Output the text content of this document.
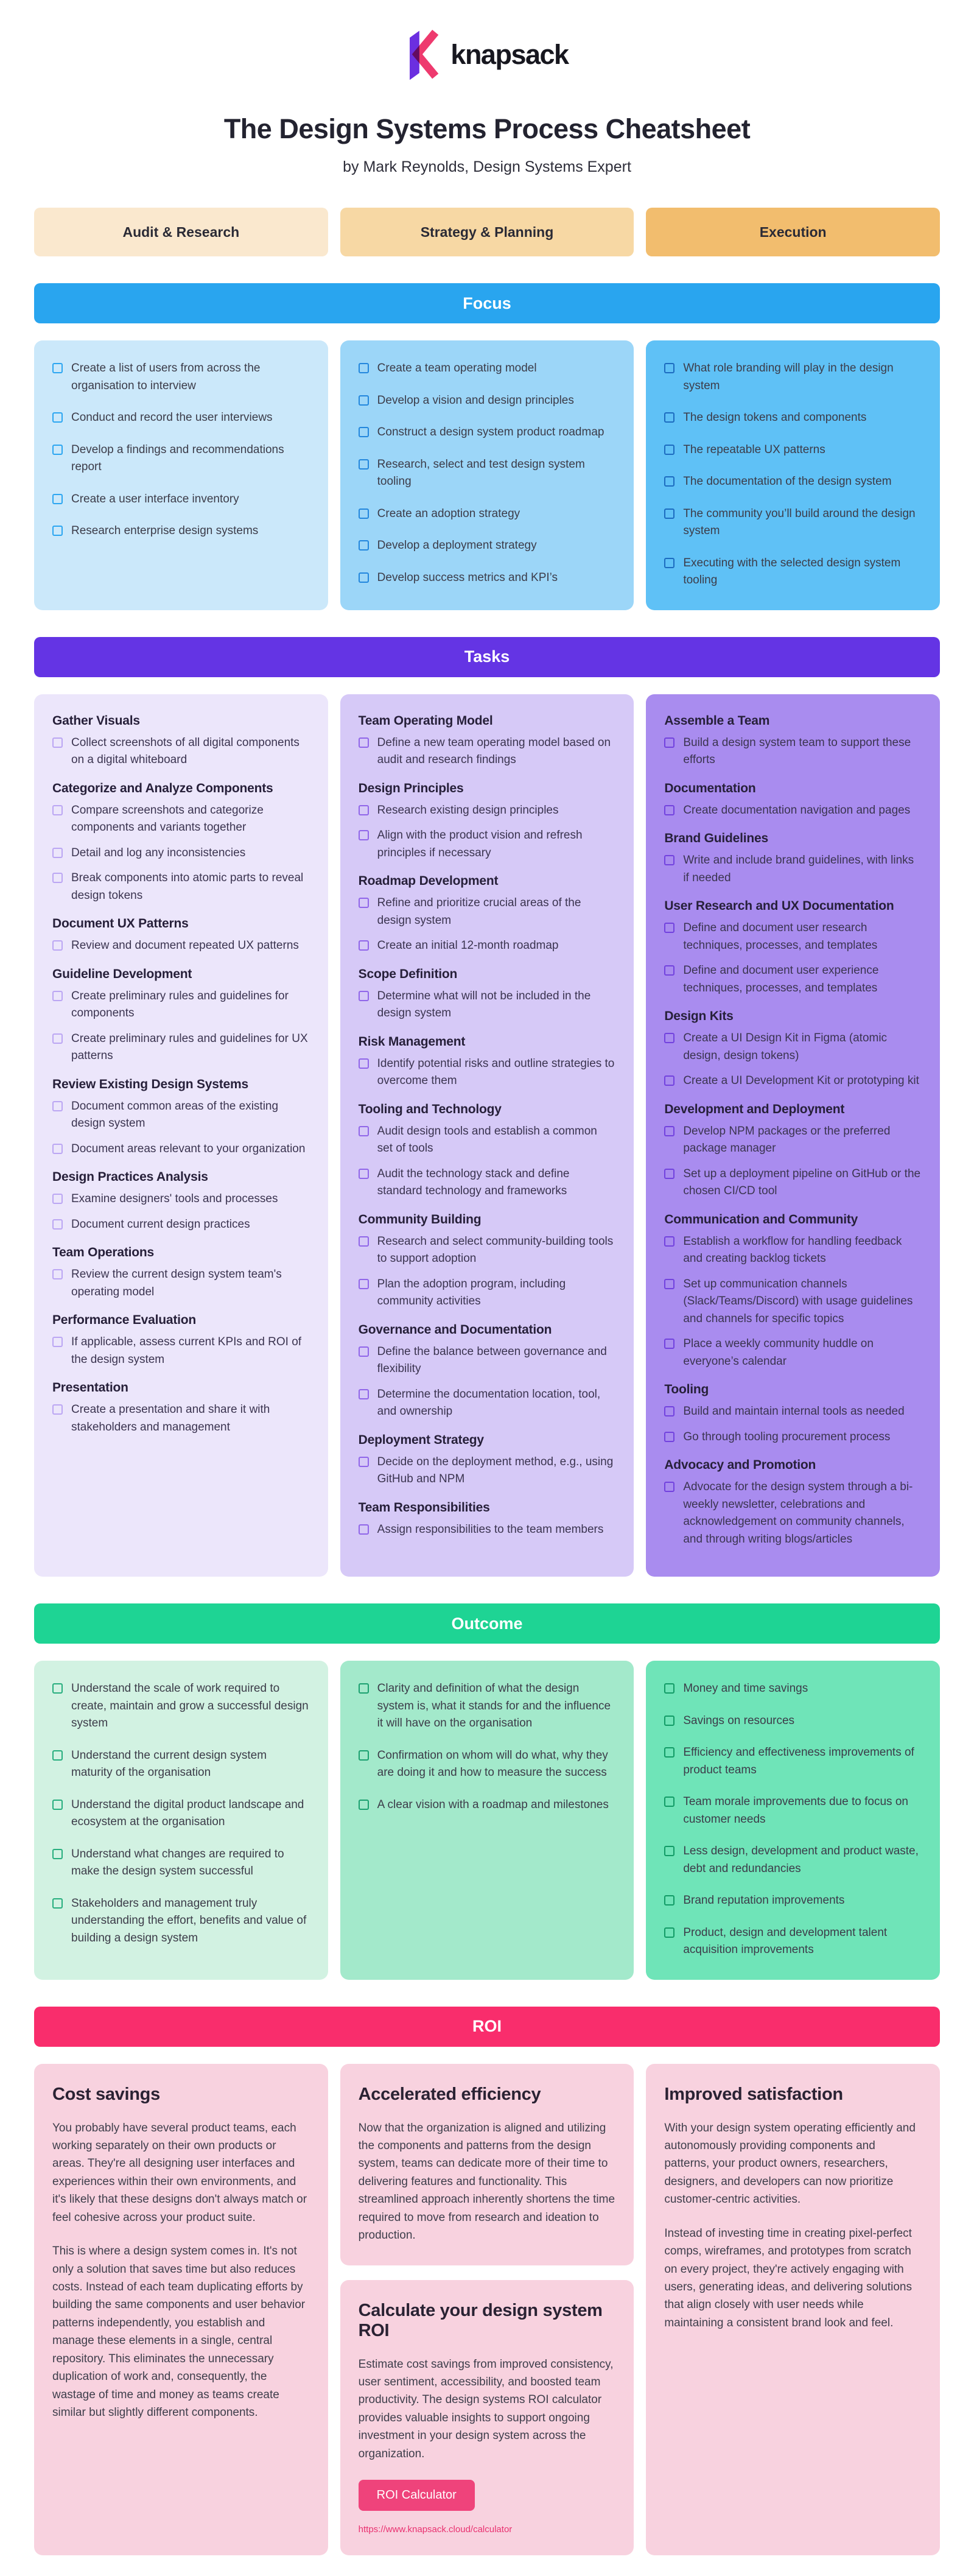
knapsack
The Design Systems Process Cheatsheet
by Mark Reynolds, Design Systems Expert
Audit & Research	Strategy & Planning	Execution
Focus
Create a list of users from across the organisation to interview
Conduct and record the user interviews
Develop a findings and recommendations report
Create a user interface inventory
Research enterprise design systems
Create a team operating model
Develop a vision and design principles
Construct a design system product roadmap
Research, select and test design system tooling
Create an adoption strategy
Develop a deployment strategy
Develop success metrics and KPI’s
What role branding will play in the design system
The design tokens and components
The repeatable UX patterns
The documentation of the design system
The community you’ll build around the design system
Executing with the selected design system tooling
Tasks
Gather Visuals
Collect screenshots of all digital components on a digital whiteboard
Categorize and Analyze Components
Compare screenshots and categorize components and variants together
Detail and log any inconsistencies
Break components into atomic parts to reveal design tokens
Document UX Patterns
Review and document repeated UX patterns
Guideline Development
Create preliminary rules and guidelines for components
Create preliminary rules and guidelines for UX patterns
Review Existing Design Systems
Document common areas of the existing design system
Document areas relevant to your organization
Design Practices Analysis
Examine designers' tools and processes
Document current design practices
Team Operations
Review the current design system team's operating model
Performance Evaluation
If applicable, assess current KPIs and ROI of the design system
Presentation
Create a presentation and share it with stakeholders and management
Team Operating Model
Define a new team operating model based on audit and research findings
Design Principles
Research existing design principles
Align with the product vision and refresh principles if necessary
Roadmap Development
Refine and prioritize crucial areas of the design system
Create an initial 12-month roadmap
Scope Definition
Determine what will not be included in the design system
Risk Management
Identify potential risks and outline strategies to overcome them
Tooling and Technology
Audit design tools and establish a common set of tools
Audit the technology stack and define standard technology and frameworks
Community Building
Research and select community-building tools to support adoption
Plan the adoption program, including community activities
Governance and Documentation
Define the balance between governance and flexibility
Determine the documentation location, tool, and ownership
Deployment Strategy
Decide on the deployment method, e.g., using GitHub and NPM
Team Responsibilities
Assign responsibilities to the team members
Assemble a Team
Build a design system team to support these efforts
Documentation
Create documentation navigation and pages
Brand Guidelines
Write and include brand guidelines, with links if needed
User Research and UX Documentation
Define and document user research techniques, processes, and templates
Define and document user experience techniques, processes, and templates
Design Kits
Create a UI Design Kit in Figma (atomic design, design tokens)
Create a UI Development Kit or prototyping kit
Development and Deployment
Develop NPM packages or the preferred package manager
Set up a deployment pipeline on GitHub or the chosen CI/CD tool
Communication and Community
Establish a workflow for handling feedback and creating backlog tickets
Set up communication channels (Slack/Teams/Discord) with usage guidelines and channels for specific topics
Place a weekly community huddle on everyone’s calendar
Tooling
Build and maintain internal tools as needed
Go through tooling procurement process
Advocacy and Promotion
Advocate for the design system through a bi-weekly newsletter, celebrations and acknowledgement on community channels, and through writing blogs/articles
Outcome
Understand the scale of work required to create, maintain and grow a successful design system
Understand the current design system maturity of the organisation
Understand the digital product landscape and ecosystem at the organisation
Understand what changes are required to make the design system successful
Stakeholders and management truly understanding the effort, benefits and value of building a design system
Clarity and definition of what the design system is, what it stands for and the influence it will have on the organisation
Confirmation on whom will do what, why they are doing it and how to measure the success
A clear vision with a roadmap and milestones
Money and time savings
Savings on resources
Efficiency and effectiveness improvements of product teams
Team morale improvements due to focus on customer needs
Less design, development and product waste, debt and redundancies
Brand reputation improvements
Product, design and development talent acquisition improvements
ROI
Cost savings

You probably have several product teams, each working separately on their own products or areas. They're all designing user interfaces and experiences within their own environments, and it's likely that these designs don't always match or feel cohesive across your product suite.

This is where a design system comes in. It's not only a solution that saves time but also reduces costs. Instead of each team duplicating efforts by building the same components and user behavior patterns independently, you establish and manage these elements in a single, central repository. This eliminates the unnecessary duplication of work and, consequently, the wastage of time and money as teams create similar but slightly different components.

Accelerated efficiency

Now that the organization is aligned and utilizing the components and patterns from the design system, teams can dedicate more of their time to delivering features and functionality. This streamlined approach inherently shortens the time required to move from research and ideation to production.

Calculate your design system ROI

Estimate cost savings from improved consistency, user sentiment, accessibility, and boosted team productivity. The design systems ROI calculator provides valuable insights to support ongoing investment in your design system across the organization.

ROI Calculator
https://www.knapsack.cloud/calculator
Improved satisfaction

With your design system operating efficiently and autonomously providing components and patterns, your product owners, researchers, designers, and developers can now prioritize customer-centric activities.

Instead of investing time in creating pixel-perfect comps, wireframes, and prototypes from scratch on every project, they're actively engaging with users, generating ideas, and delivering solutions that align closely with user needs while maintaining a consistent brand look and feel.
